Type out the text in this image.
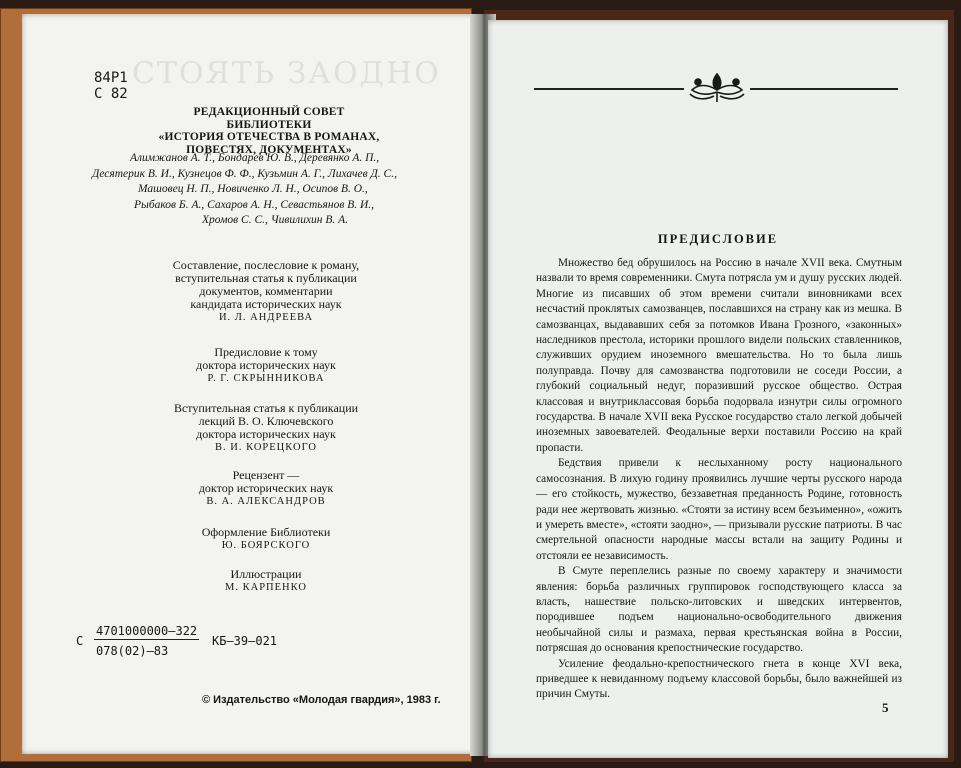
СТОЯТЬ ЗАОДНО
84Р1
С 82
РЕДАКЦИОННЫЙ СОВЕТ БИБЛИОТЕКИ
«ИСТОРИЯ ОТЕЧЕСТВА В РОМАНАХ,
ПОВЕСТЯХ, ДОКУМЕНТАХ»
Алимжанов А. Т., Бондарев Ю. В., Деревянко А. П.,
Десятерик В. И., Кузнецов Ф. Ф., Кузьмин А. Г., Лихачев Д. С.,
Машовец Н. П., Новиченко Л. Н., Осипов В. О.,
Рыбаков Б. А., Сахаров А. Н., Севастьянов В. И.,
Хромов С. С., Чивилихин В. А.
Составление, послесловие к роману,
вступительная статья к публикации
документов, комментарии
кандидата исторических наук
И. Л. АНДРЕЕВА
Предисловие к тому
доктора исторических наук
Р. Г. СКРЫННИКОВА
Вступительная статья к публикации
лекций В. О. Ключевского
доктора исторических наук
В. И. КОРЕЦКОГО
Рецензент —
доктор исторических наук
В. А. АЛЕКСАНДРОВ
Оформление Библиотеки
Ю. БОЯРСКОГО
Иллюстрации
М. КАРПЕНКО
С
4701000000—322
078(02)—83
КБ—39—021
© Издательство «Молодая гвардия», 1983 г.
ПРЕДИСЛОВИЕ

Множество бед обрушилось на Россию в начале XVII века. Смутным назвали то время современники. Смута потрясла ум и душу русских людей. Многие из писавших об этом времени считали виновниками всех несчастий проклятых самозванцев, пославшихся на страну как из мешка. В самозванцах, выдававших себя за потомков Ивана Грозного, «законных» наследников престола, историки прошлого видели польских ставленников, служивших орудием иноземного вмешательства. Но то была лишь полуправда. Почву для самозванства подготовили не соседи России, а глубокий социальный недуг, поразивший русское общество. Острая классовая и внутриклассовая борьба подорвала изнутри силы огромного государства. В начале XVII века Русское государство стало легкой добычей иноземных завоевателей. Феодальные верхи поставили Россию на край пропасти.

Бедствия привели к неслыханному росту национального самосознания. В лихую годину проявились лучшие черты русского народа — его стойкость, мужество, беззаветная преданность Родине, готовность ради нее жертвовать жизнью. «Стояти за истину всем безъименно», «ожить и умереть вместе», «стояти заодно», — призывали русские патриоты. В час смертельной опасности народные массы встали на защиту Родины и отстояли ее независимость.

В Смуте переплелись разные по своему характеру и значимости явления: борьба различных группировок господствующего класса за власть, нашествие польско-литовских и шведских интервентов, породившее подъем национально-освободительного движения необычайной силы и размаха, первая крестьянская война в России, потрясшая до основания крепостнические государство.

Усиление феодально-крепостнического гнета в конце XVI века, приведшее к невиданному подъему классовой борьбы, было важнейшей из причин Смуты.

5
